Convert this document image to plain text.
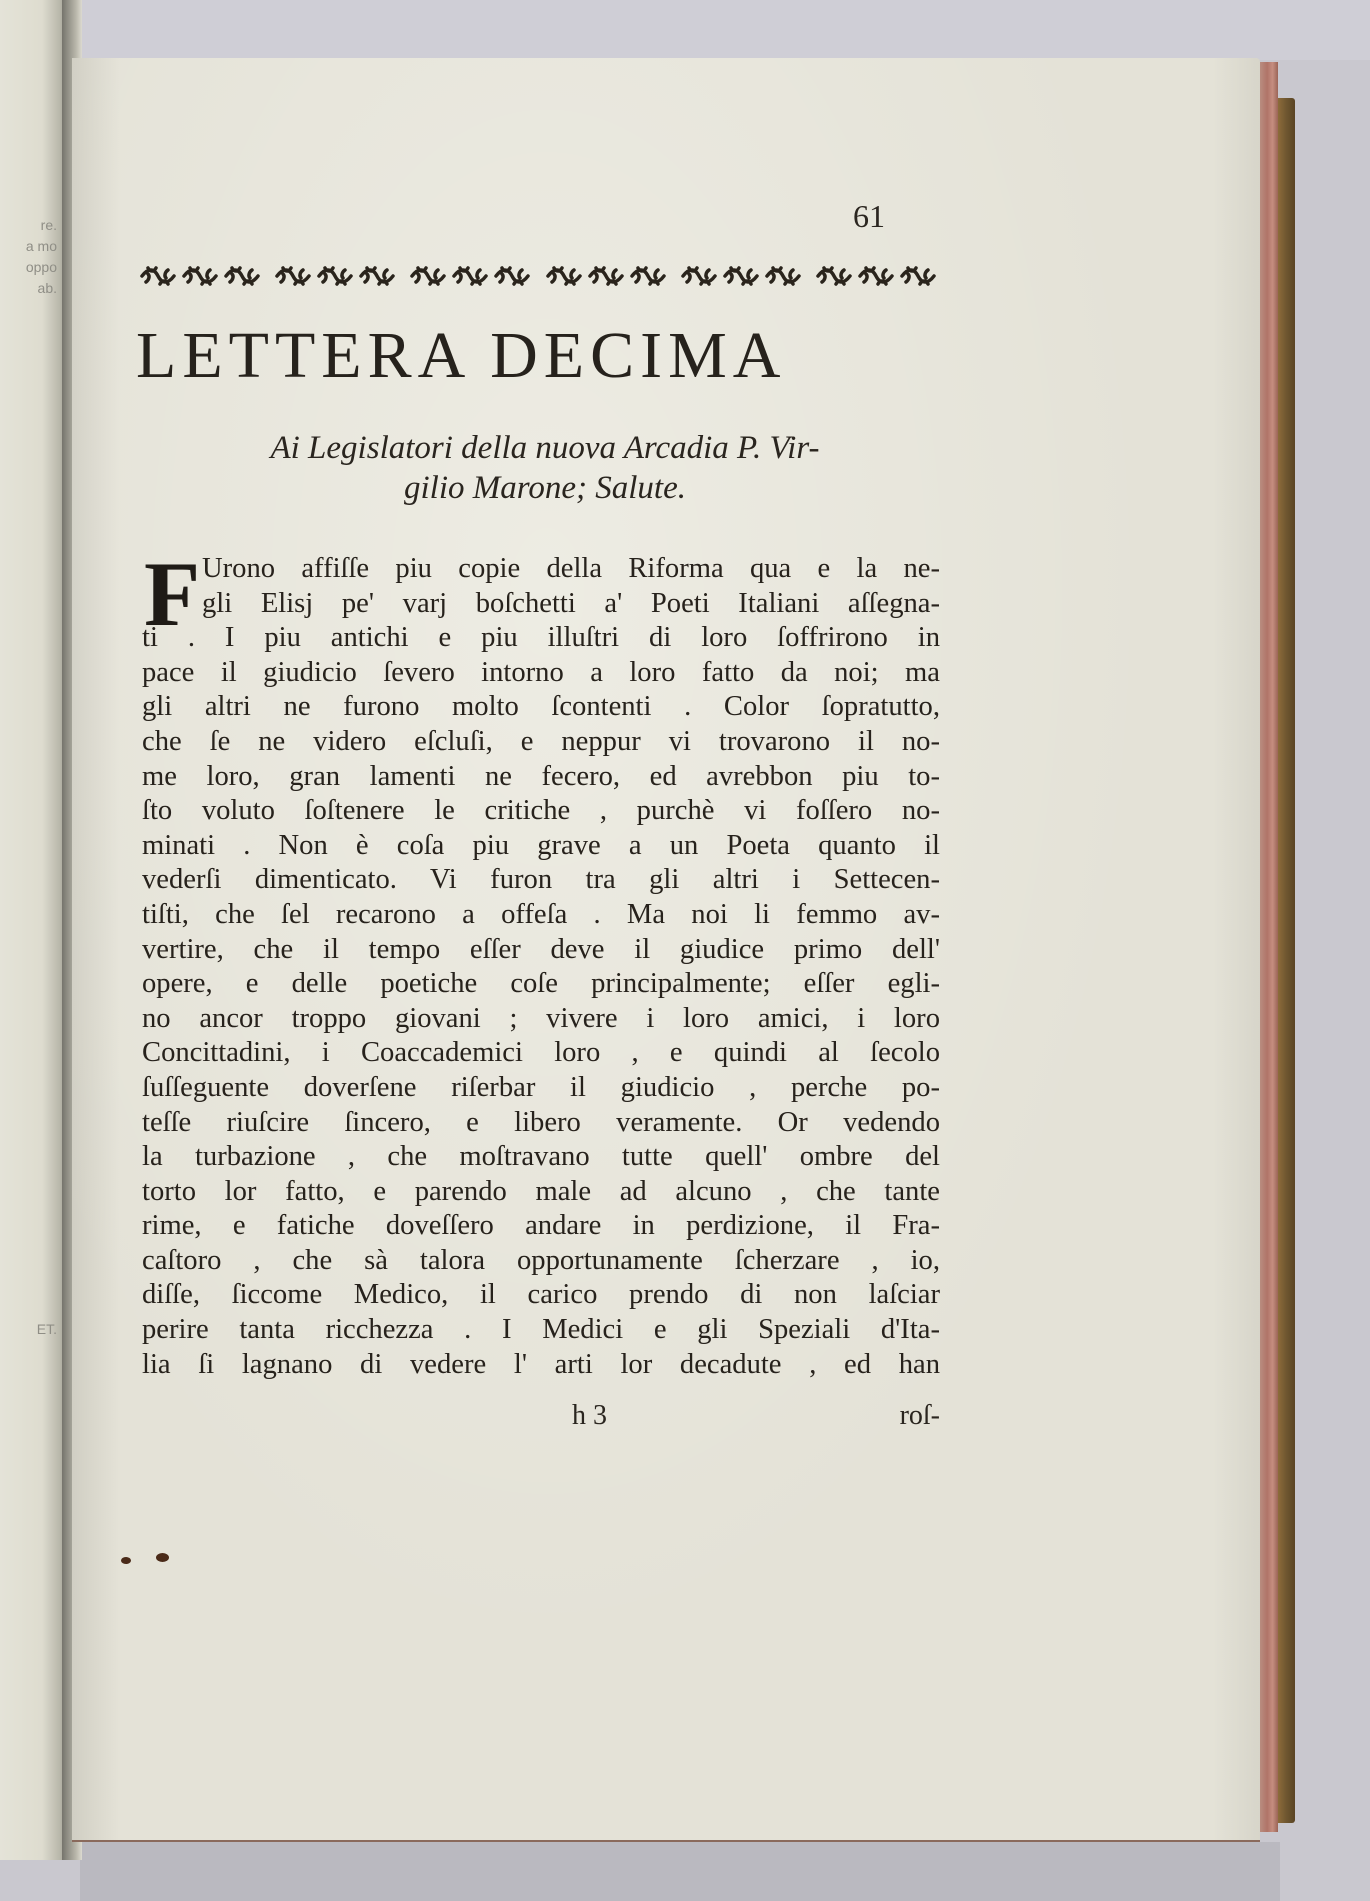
re.
a mo
oppo
ab.
ET.
61
LETTERA DECIMA
Ai Legislatori della nuova Arcadia P. Vir-
gilio Marone; Salute.
F Urono affiſſe piu copie della Riforma qua e la ne-
gli Elisj pe' varj boſchetti a' Poeti Italiani aſſegna-
ti . I piu antichi e piu illuſtri di loro ſoffrirono in
pace il giudicio ſevero intorno a loro fatto da noi; ma
gli altri ne furono molto ſcontenti . Color ſopratutto,
che ſe ne videro eſcluſi, e neppur vi trovarono il no-
me loro, gran lamenti ne fecero, ed avrebbon piu to-
ſto voluto ſoſtenere le critiche , purchè vi foſſero no-
minati . Non è coſa piu grave a un Poeta quanto il
vederſi dimenticato. Vi furon tra gli altri i Settecen-
tiſti, che ſel recarono a offeſa . Ma noi li femmo av-
vertire, che il tempo eſſer deve il giudice primo dell'
opere, e delle poetiche coſe principalmente; eſſer egli-
no ancor troppo giovani ; vivere i loro amici, i loro
Concittadini, i Coaccademici loro , e quindi al ſecolo
ſuſſeguente doverſene riſerbar il giudicio , perche po-
teſſe riuſcire ſincero, e libero veramente. Or vedendo
la turbazione , che moſtravano tutte quell' ombre del
torto lor fatto, e parendo male ad alcuno , che tante
rime, e fatiche doveſſero andare in perdizione, il Fra-
caſtoro , che sà talora opportunamente ſcherzare , io,
diſſe, ſiccome Medico, il carico prendo di non laſciar
perire tanta ricchezza . I Medici e gli Speziali d'Ita-
lia ſi lagnano di vedere l' arti lor decadute , ed han
h 3	roſ-
